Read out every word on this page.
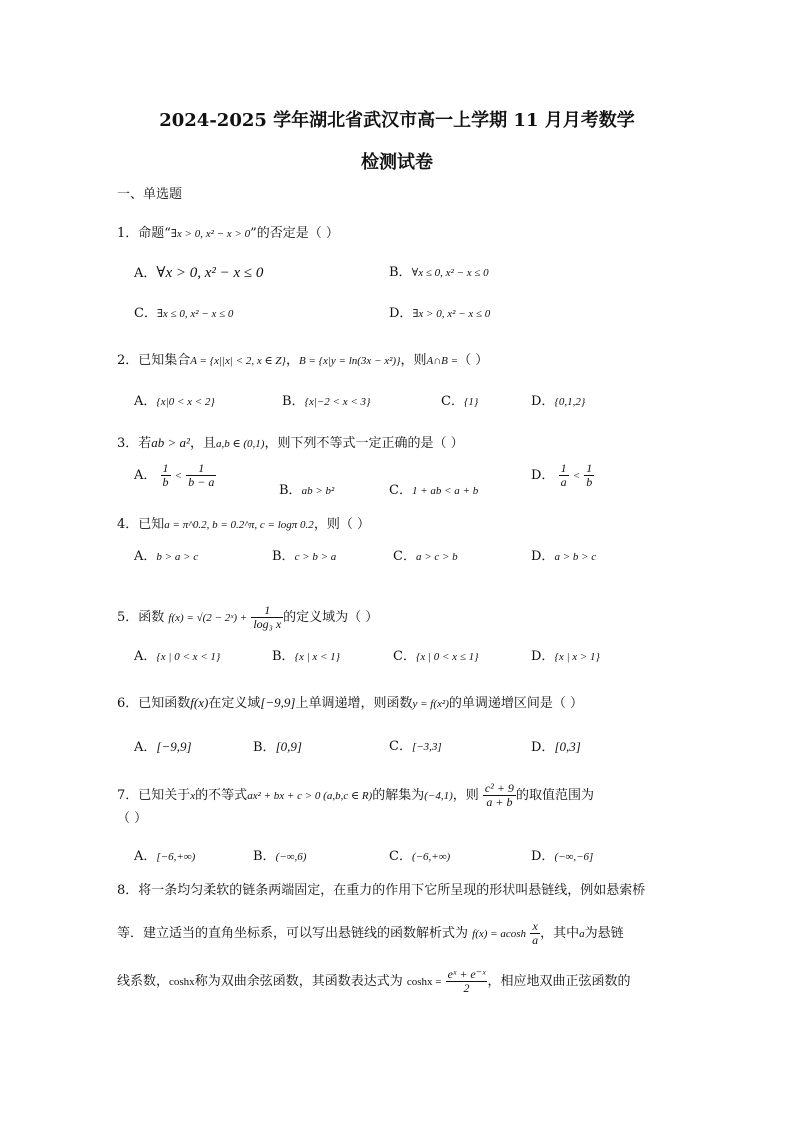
2024-2025 学年湖北省武汉市高一上学期 11 月月考数学
检测试卷
一、单选题
1．命题“∃x > 0, x² − x > 0”的否定是（ ）
A．∀x > 0, x² − x ≤ 0	B．∀x ≤ 0, x² − x ≤ 0
C．∃x ≤ 0, x² − x ≤ 0	D．∃x > 0, x² − x ≤ 0
2．已知集合A = {x||x| < 2, x ∈ Z}，B = {x|y = ln(3x − x²)}，则A∩B =（ ）
A．{x|0 < x < 2}	B．{x|−2 < x < 3}	C．{1}	D．{0,1,2}
3．若ab > a²，且a,b ∈ (0,1)，则下列不等式一定正确的是（ ）
A． $\frac{1}{b} < \frac{1}{b - a}$
B．ab > b²	C．1 + ab < a + b
D． $\frac{1}{a} < \frac{1}{b}$
4．已知a = π^0.2, b = 0.2^π, c = logπ 0.2，则（ ）
A．b > a > c	B．c > b > a	C．a > c > b	D．a > b > c
5．函数 f(x) = √(2 − 2ˣ) + $\frac{1}{\text{log₃ x}}$ 的定义域为（ ）
A．{x | 0 < x < 1}	B．{x | x < 1}	C．{x | 0 < x ≤ 1}	D．{x | x > 1}
6．已知函数f(x)在定义域[−9,9]上单调递增，则函数y = f(x²)的单调递增区间是（ ）
A．[−9,9]	B．[0,9]	C．[−3,3]	D．[0,3]
7．已知关于x的不等式ax² + bx + c > 0 (a,b,c ∈ R)的解集为(−4,1)，则 $\frac{\text{c² + 9}}{a + b}$ 的取值范围为
（ ）
A．[−6,+∞)	B．(−∞,6)	C．(−6,+∞)	D．(−∞,−6]
8．将一条均匀柔软的链条两端固定，在重力的作用下它所呈现的形状叫悬链线，例如悬索桥
等．建立适当的直角坐标系，可以写出悬链线的函数解析式为 f(x) = acosh $\frac{x}{a}$ ，其中a为悬链
线系数，coshx称为双曲余弦函数，其函数表达式为 $\cosh x = \frac{\text{eˣ + e⁻ˣ}}{2}$ ，相应地双曲正弦函数的
